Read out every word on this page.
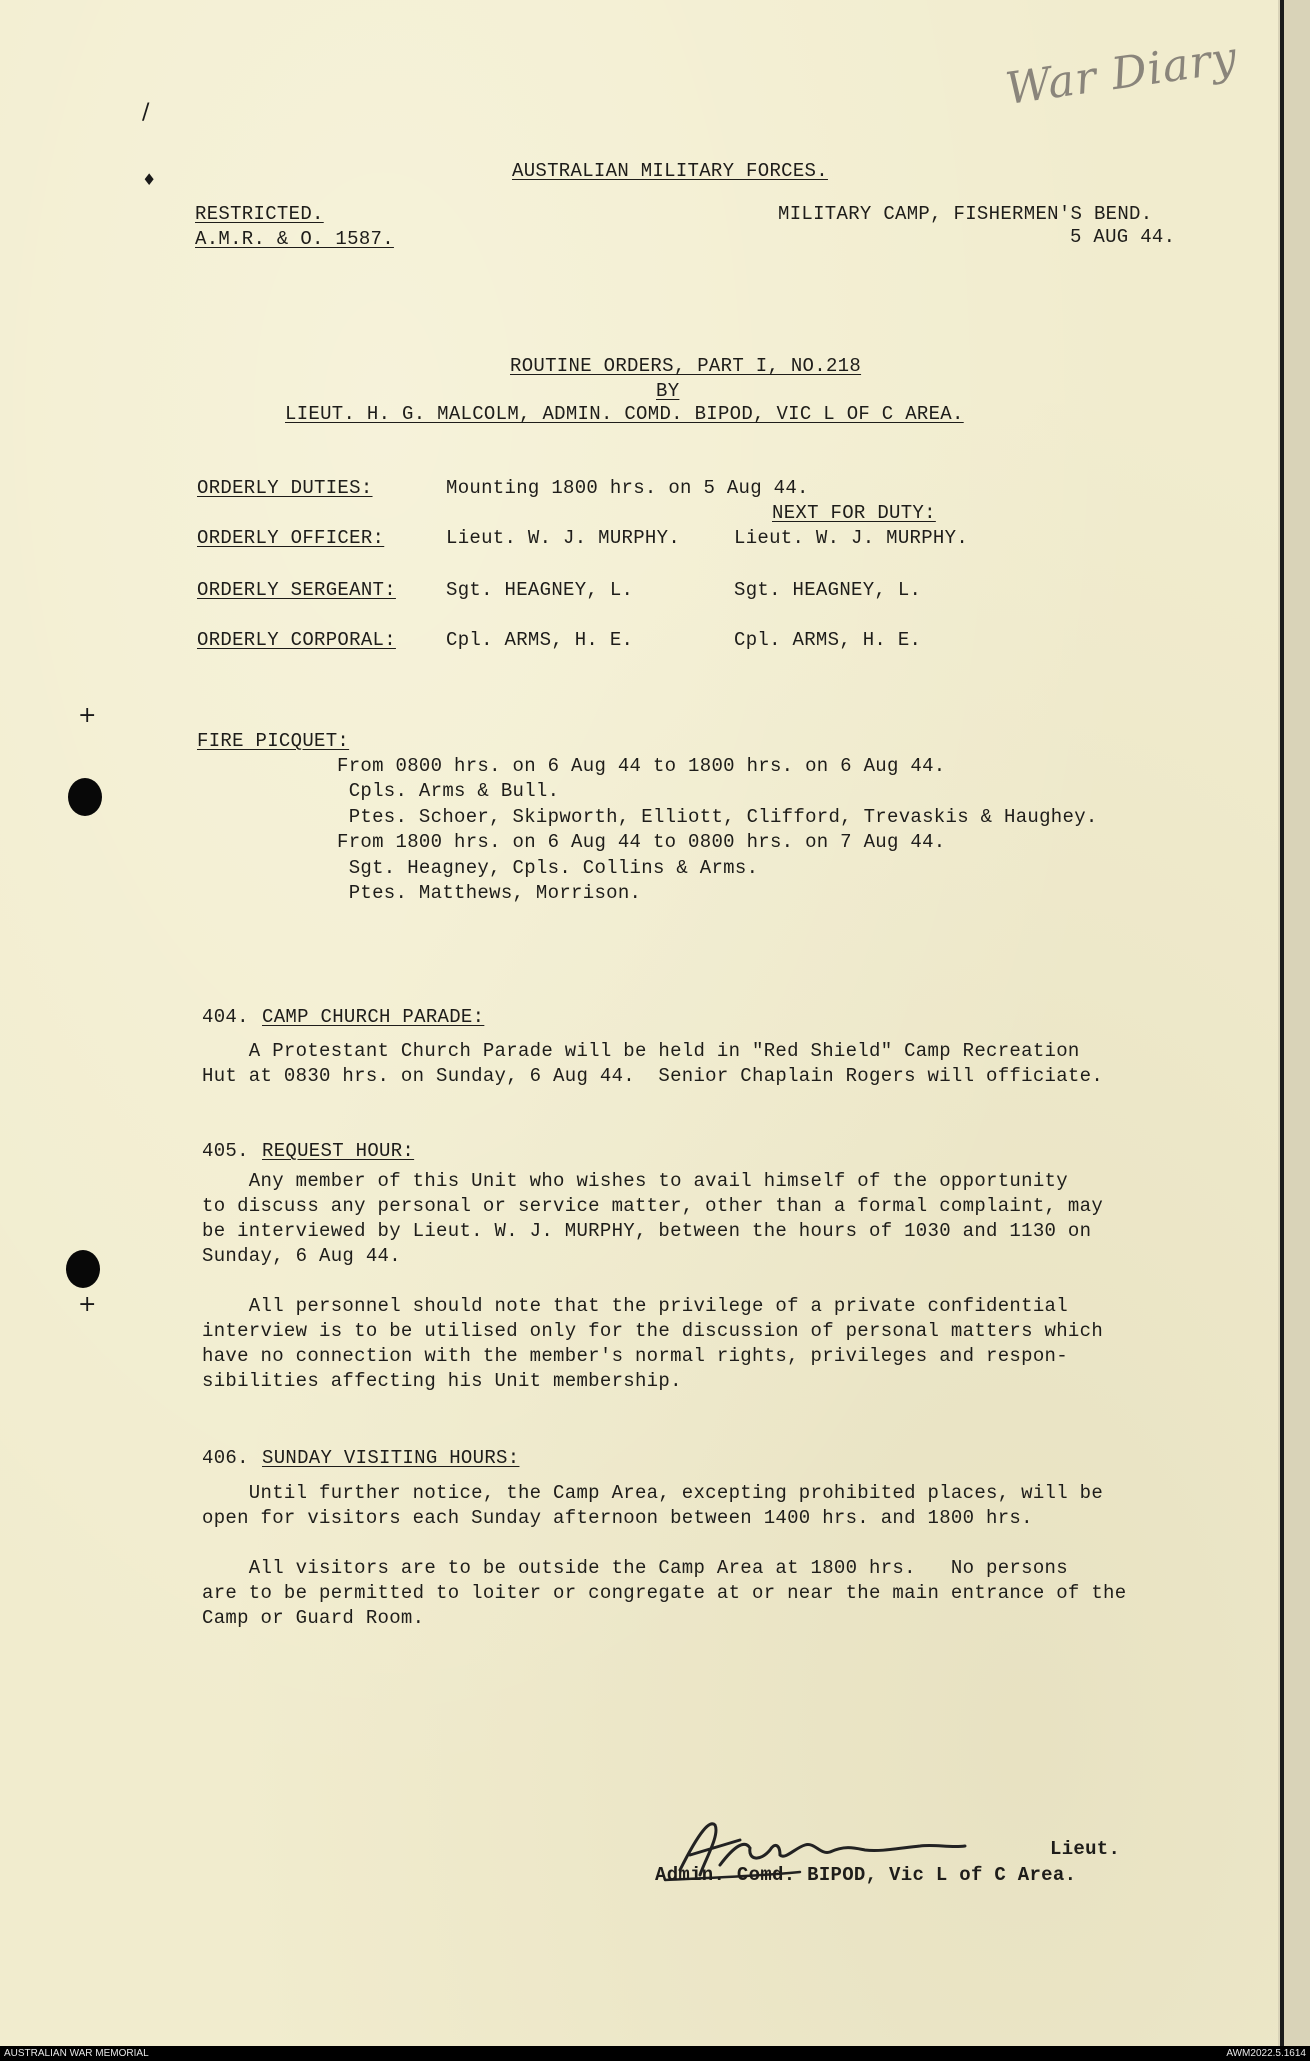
War Diary
/
♦
+
+
AUSTRALIAN MILITARY FORCES.
RESTRICTED.
A.M.R. & O. 1587.
MILITARY CAMP, FISHERMEN'S BEND.
5 AUG 44.
ROUTINE ORDERS, PART I, NO.218
BY
LIEUT. H. G. MALCOLM, ADMIN. COMD. BIPOD, VIC L OF C AREA.
ORDERLY DUTIES:	Mounting 1800 hrs. on 5 Aug 44.
NEXT FOR DUTY:
ORDERLY OFFICER:	Lieut. W. J. MURPHY.	Lieut. W. J. MURPHY.
ORDERLY SERGEANT:	Sgt. HEAGNEY, L.	Sgt. HEAGNEY, L.
ORDERLY CORPORAL:	Cpl. ARMS, H. E.	Cpl. ARMS, H. E.
FIRE PICQUET:
From 0800 hrs. on 6 Aug 44 to 1800 hrs. on 6 Aug 44.
Cpls. Arms & Bull.
Ptes. Schoer, Skipworth, Elliott, Clifford, Trevaskis & Haughey.
From 1800 hrs. on 6 Aug 44 to 0800 hrs. on 7 Aug 44.
Sgt. Heagney, Cpls. Collins & Arms.
Ptes. Matthews, Morrison.
404. CAMP CHURCH PARADE:
A Protestant Church Parade will be held in "Red Shield" Camp Recreation
Hut at 0830 hrs. on Sunday, 6 Aug 44.  Senior Chaplain Rogers will officiate.
405. REQUEST HOUR:
Any member of this Unit who wishes to avail himself of the opportunity
to discuss any personal or service matter, other than a formal complaint, may
be interviewed by Lieut. W. J. MURPHY, between the hours of 1030 and 1130 on
Sunday, 6 Aug 44.
All personnel should note that the privilege of a private confidential
interview is to be utilised only for the discussion of personal matters which
have no connection with the member's normal rights, privileges and respon-
sibilities affecting his Unit membership.
406. SUNDAY VISITING HOURS:
Until further notice, the Camp Area, excepting prohibited places, will be
open for visitors each Sunday afternoon between 1400 hrs. and 1800 hrs.
All visitors are to be outside the Camp Area at 1800 hrs.   No persons
are to be permitted to loiter or congregate at or near the main entrance of the
Camp or Guard Room.
Lieut.
Admin. Comd. BIPOD, Vic L of C Area.
AUSTRALIAN WAR MEMORIAL	AWM2022.5.1614
